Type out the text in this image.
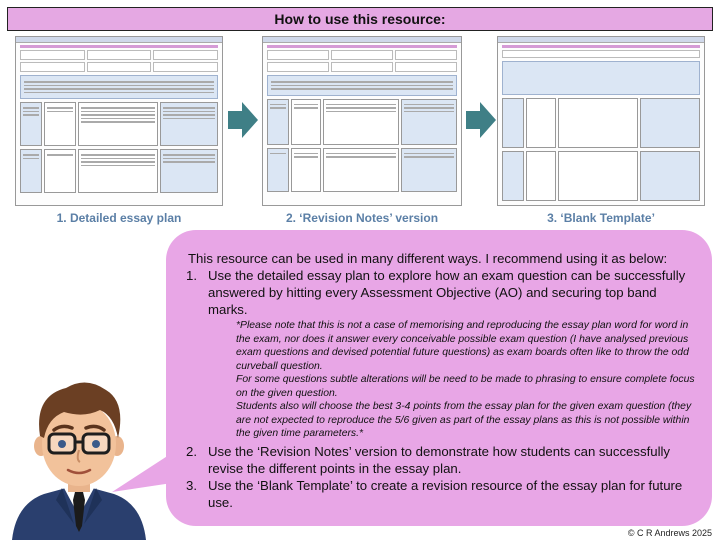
How to use this resource:
1. Detailed essay plan	2. ‘Revision Notes’ version	3. ‘Blank Template’
This resource can be used in many different ways. I recommend using it as below:
1. Use the detailed essay plan to explore how an exam question can be successfully answered by hitting every Assessment Objective (AO) and securing top band marks.

*Please note that this is not a case of memorising and reproducing the essay plan word for word in the exam, nor does it answer every conceivable possible exam question (I have analysed previous exam questions and devised potential future questions) as exam boards often like to throw the odd curveball question.

For some questions subtle alterations will be need to be made to phrasing to ensure complete focus on the given question.

Students also will choose the best 3-4 points from the essay plan for the given exam question (they are not expected to reproduce the 5/6 given as part of the essay plans as this is not possible within the given time parameters.*

2. Use the ‘Revision Notes’ version to demonstrate how students can successfully revise the different points in the essay plan.
3. Use the ‘Blank Template’ to create a revision resource of the essay plan for future use.
© C R Andrews 2025
